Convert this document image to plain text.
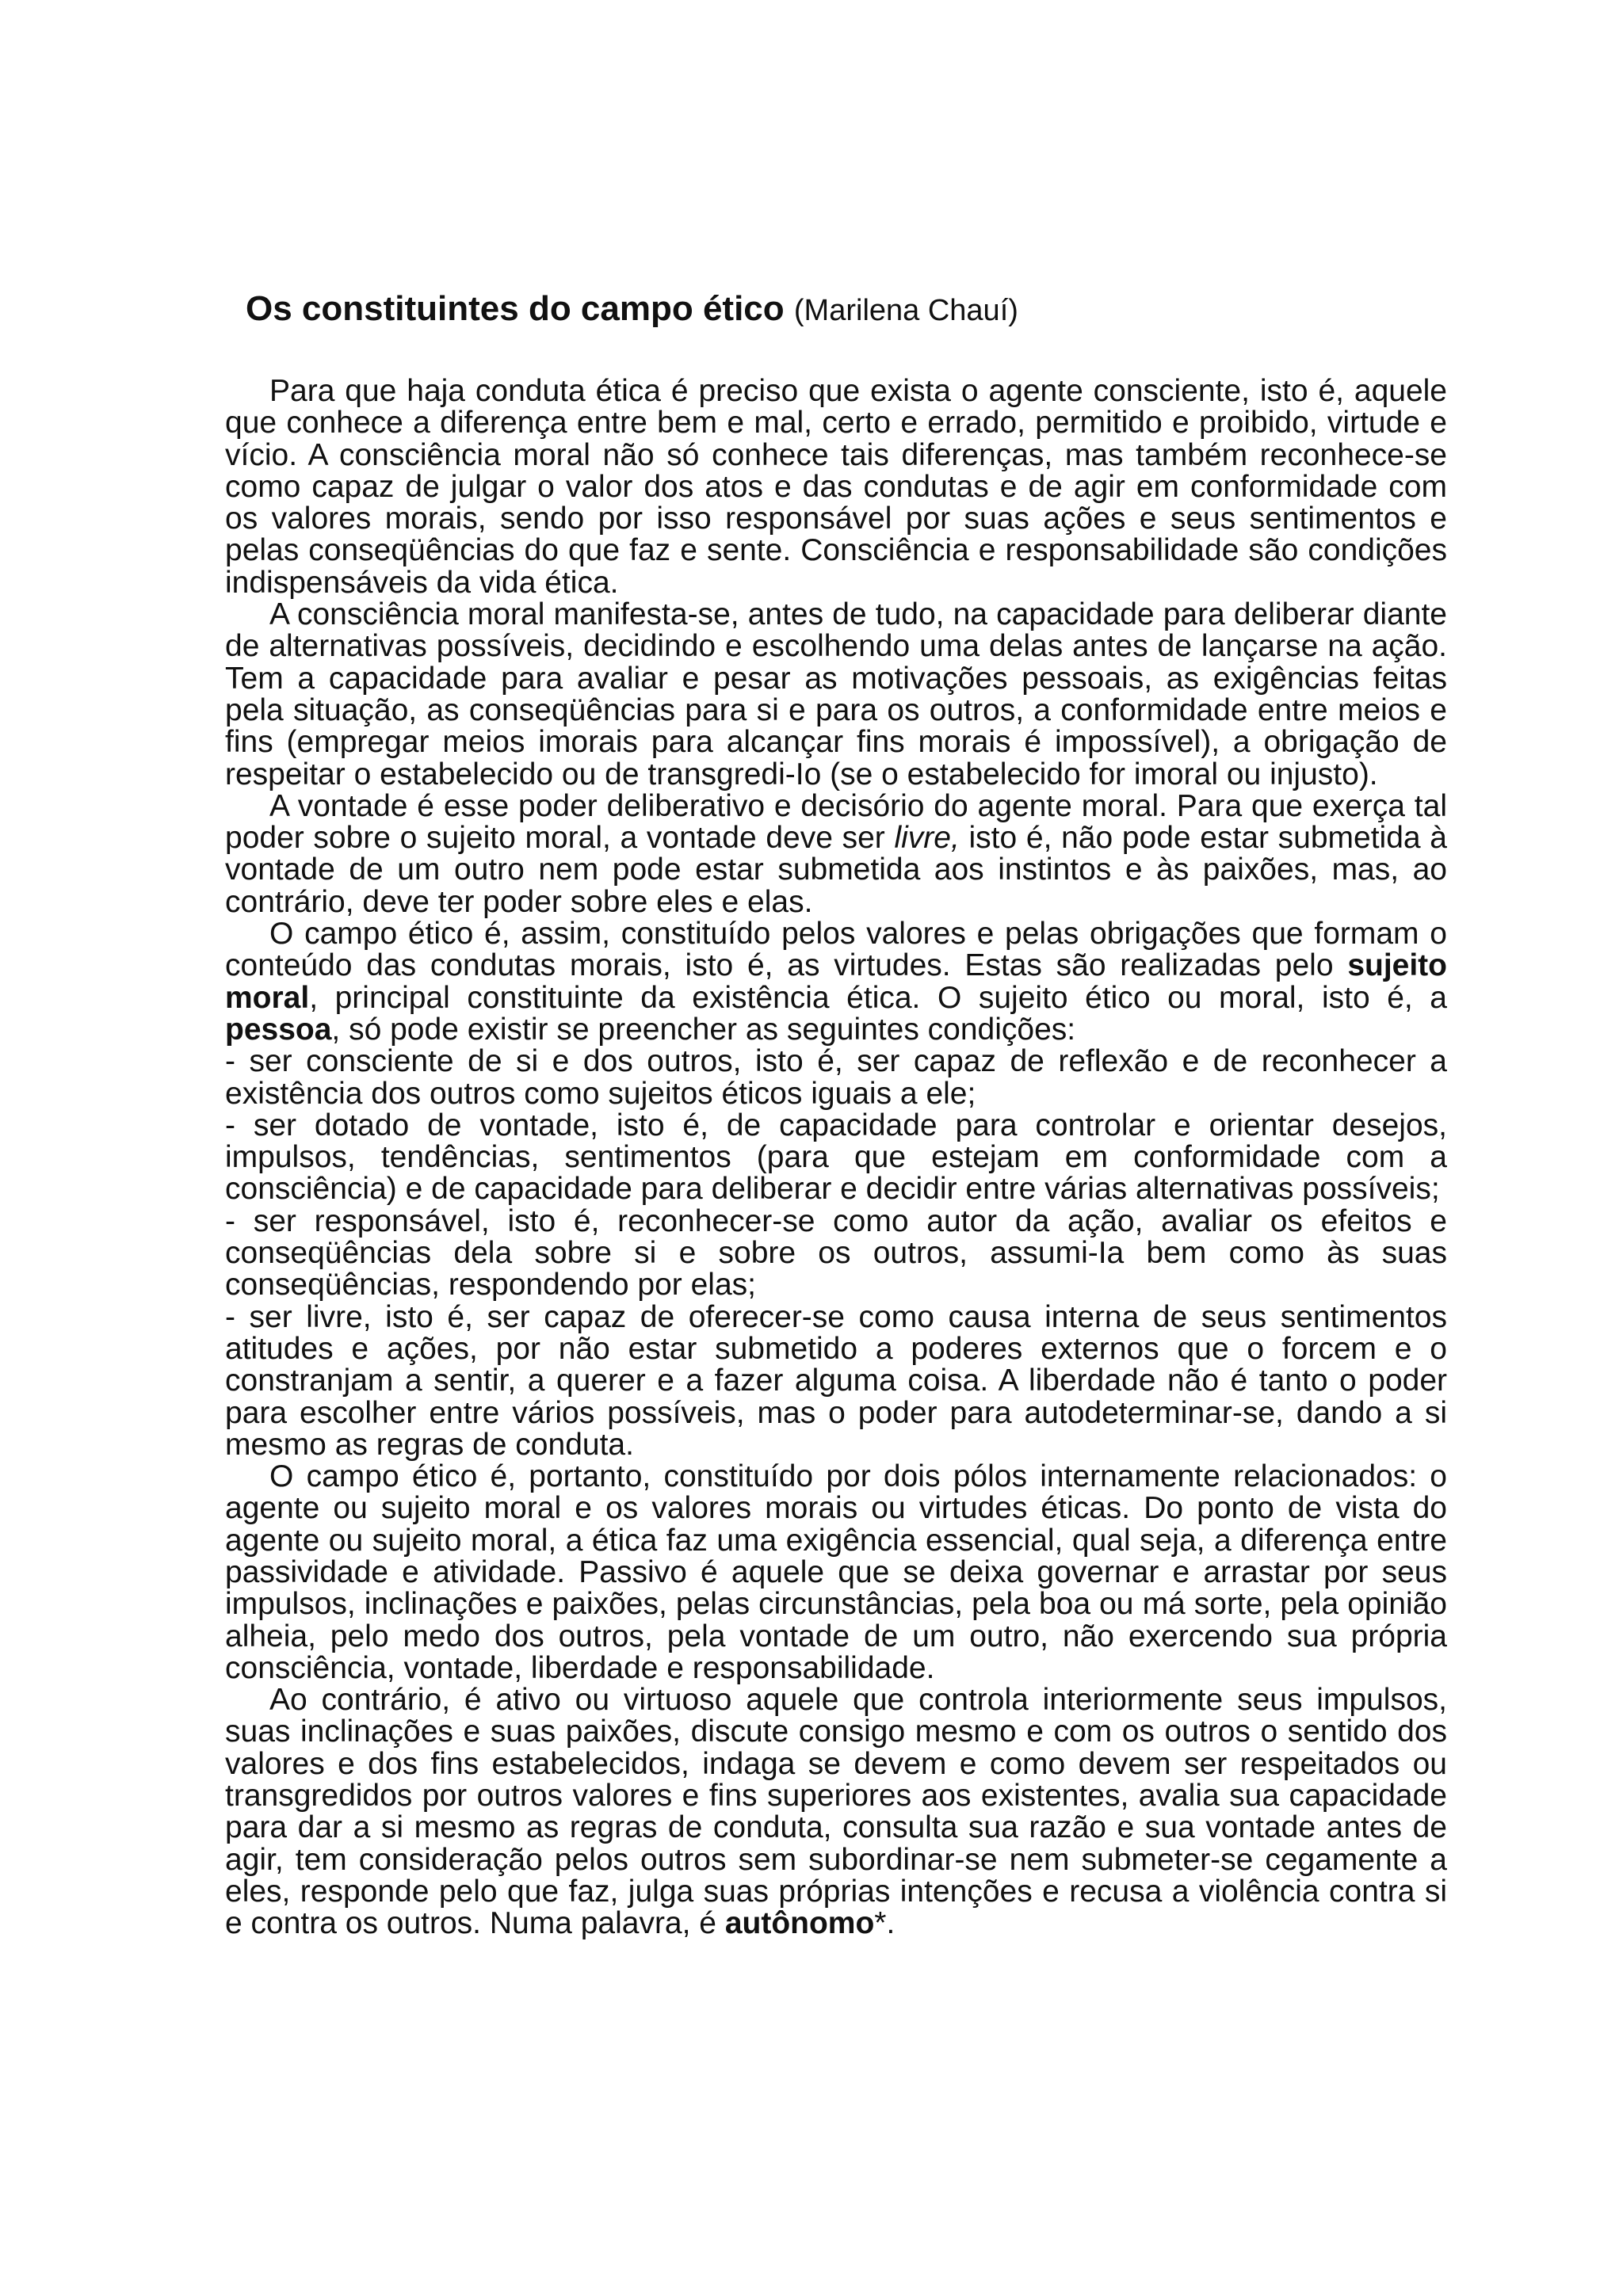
Os constituintes do campo ético (Marilena Chauí)

Para que haja conduta ética é preciso que exista o agente consciente, isto é, aquele que conhece a diferença entre bem e mal, certo e errado, permitido e proibido, virtude e vício. A consciência moral não só conhece tais diferenças, mas também reconhece-se como capaz de julgar o valor dos atos e das condutas e de agir em conformidade com os valores morais, sendo por isso responsável por suas ações e seus sentimentos e pelas conseqüências do que faz e sente. Consciência e responsabilidade são condições indispensáveis da vida ética.

A consciência moral manifesta-se, antes de tudo, na capacidade para deliberar diante de alternativas possíveis, decidindo e escolhendo uma delas antes de lançarse na ação. Tem a capacidade para avaliar e pesar as motivações pessoais, as exigências feitas pela situação, as conseqüências para si e para os outros, a conformidade entre meios e fins (empregar meios imorais para alcançar fins morais é impossível), a obrigação de respeitar o estabelecido ou de transgredi-Io (se o estabelecido for imoral ou injusto).

A vontade é esse poder deliberativo e decisório do agente moral. Para que exerça tal poder sobre o sujeito moral, a vontade deve ser livre, isto é, não pode estar submetida à vontade de um outro nem pode estar submetida aos instintos e às paixões, mas, ao contrário, deve ter poder sobre eles e elas.

O campo ético é, assim, constituído pelos valores e pelas obrigações que formam o conteúdo das condutas morais, isto é, as virtudes. Estas são realizadas pelo sujeito moral, principal constituinte da existência ética. O sujeito ético ou moral, isto é, a pessoa, só pode existir se preencher as seguintes condições:

- ser consciente de si e dos outros, isto é, ser capaz de reflexão e de reconhecer a existência dos outros como sujeitos éticos iguais a ele;

- ser dotado de vontade, isto é, de capacidade para controlar e orientar desejos, impulsos, tendências, sentimentos (para que estejam em conformidade com a consciência) e de capacidade para deliberar e decidir entre várias alternativas possíveis;

- ser responsável, isto é, reconhecer-se como autor da ação, avaliar os efeitos e conseqüências dela sobre si e sobre os outros, assumi-Ia bem como às suas conseqüências, respondendo por elas;

- ser livre, isto é, ser capaz de oferecer-se como causa interna de seus sentimentos atitudes e ações, por não estar submetido a poderes externos que o forcem e o constranjam a sentir, a querer e a fazer alguma coisa. A liberdade não é tanto o poder para escolher entre vários possíveis, mas o poder para autodeterminar-se, dando a si mesmo as regras de conduta.

O campo ético é, portanto, constituído por dois pólos internamente relacionados: o agente ou sujeito moral e os valores morais ou virtudes éticas. Do ponto de vista do agente ou sujeito moral, a ética faz uma exigência essencial, qual seja, a diferença entre passividade e atividade. Passivo é aquele que se deixa governar e arrastar por seus impulsos, inclinações e paixões, pelas circunstâncias, pela boa ou má sorte, pela opinião alheia, pelo medo dos outros, pela vontade de um outro, não exercendo sua própria consciência, vontade, liberdade e responsabilidade.

Ao contrário, é ativo ou virtuoso aquele que controla interiormente seus impulsos, suas inclinações e suas paixões, discute consigo mesmo e com os outros o sentido dos valores e dos fins estabelecidos, indaga se devem e como devem ser respeitados ou transgredidos por outros valores e fins superiores aos existentes, avalia sua capacidade para dar a si mesmo as regras de conduta, consulta sua razão e sua vontade antes de agir, tem consideração pelos outros sem subordinar-se nem submeter-se cegamente a eles, responde pelo que faz, julga suas próprias intenções e recusa a violência contra si e contra os outros. Numa palavra, é autônomo*.
